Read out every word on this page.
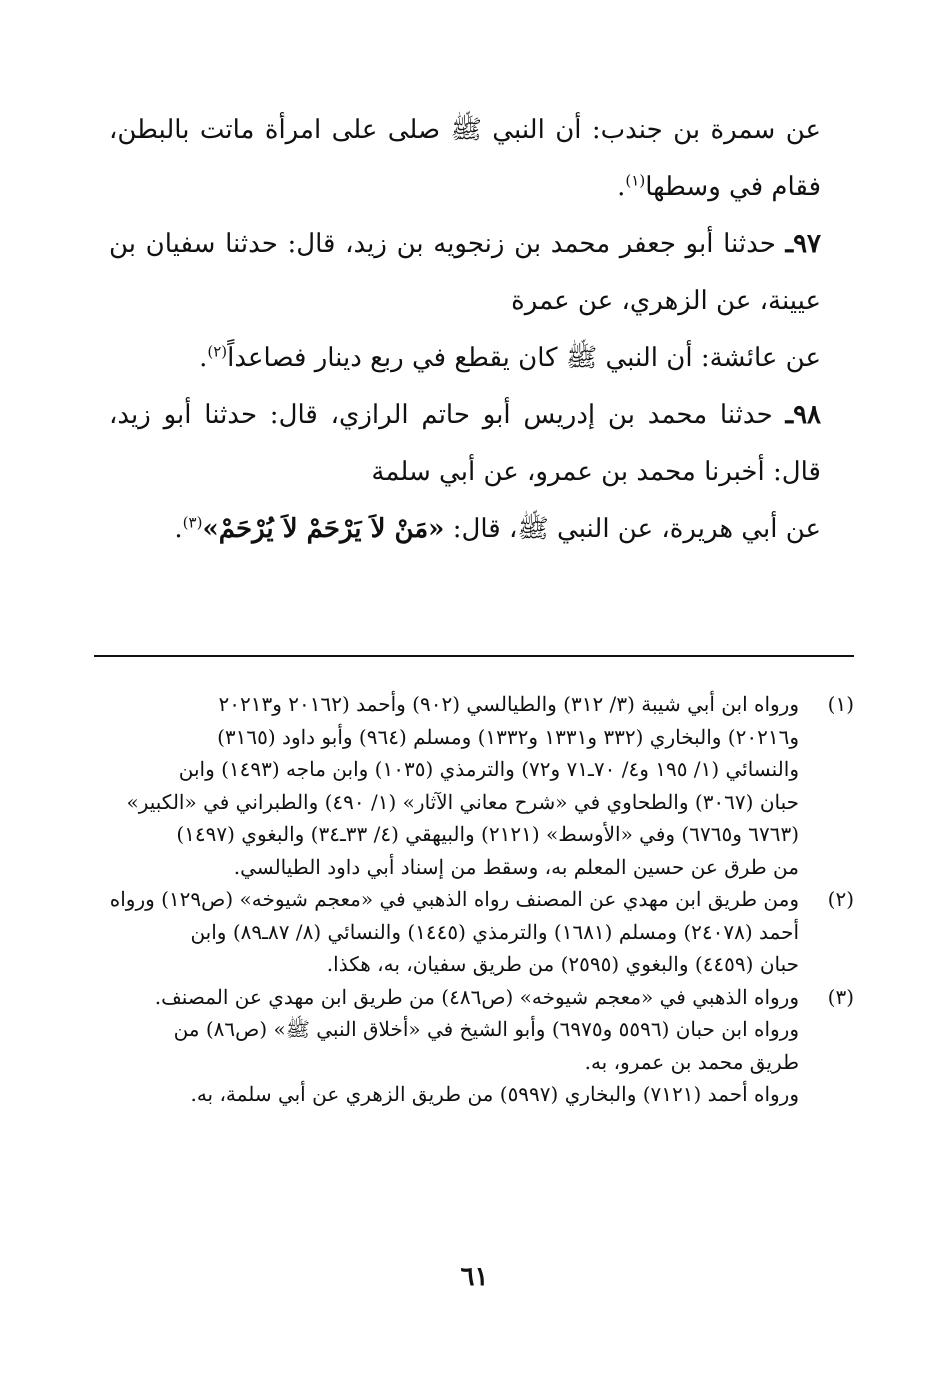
عن سمرة بن جندب: أن النبي ﷺ صلى على امرأة ماتت بالبطن، فقام في وسطها$^{(١)}$.

٩٧ـ حدثنا أبو جعفر محمد بن زنجويه بن زيد، قال: حدثنا سفيان بن عيينة، عن الزهري، عن عمرة

عن عائشة: أن النبي ﷺ كان يقطع في ربع دينار فصاعداً$^{(٢)}$.

٩٨ـ حدثنا محمد بن إدريس أبو حاتم الرازي، قال: حدثنا أبو زيد، قال: أخبرنا محمد بن عمرو، عن أبي سلمة

عن أبي هريرة، عن النبي ﷺ، قال: «مَنْ لاَ يَرْحَمْ لاَ يُرْحَمْ»$^{(٣)}$.

(١)
ورواه ابن أبي شيبة (٣/ ٣١٢) والطيالسي (٩٠٢) وأحمد (٢٠١٦٢ و٢٠٢١٣
و٢٠٢١٦) والبخاري (٣٣٢ و١٣٣١ و١٣٣٢) ومسلم (٩٦٤) وأبو داود (٣١٦٥)
والنسائي (١/ ١٩٥ و٤/ ٧٠ـ٧١ و٧٢) والترمذي (١٠٣٥) وابن ماجه (١٤٩٣) وابن
حبان (٣٠٦٧) والطحاوي في «شرح معاني الآثار» (١/ ٤٩٠) والطبراني في «الكبير»
(٦٧٦٣ و٦٧٦٥) وفي «الأوسط» (٢١٢١) والبيهقي (٤/ ٣٣ـ٣٤) والبغوي (١٤٩٧)
من طرق عن حسين المعلم به، وسقط من إسناد أبي داود الطيالسي.
(٢)
ومن طريق ابن مهدي عن المصنف رواه الذهبي في «معجم شيوخه» (ص١٢٩) ورواه
أحمد (٢٤٠٧٨) ومسلم (١٦٨١) والترمذي (١٤٤٥) والنسائي (٨/ ٨٧ـ٨٩) وابن
حبان (٤٤٥٩) والبغوي (٢٥٩٥) من طريق سفيان، به، هكذا.
(٣)
ورواه الذهبي في «معجم شيوخه» (ص٤٨٦) من طريق ابن مهدي عن المصنف.
ورواه ابن حبان (٥٥٩٦ و٦٩٧٥) وأبو الشيخ في «أخلاق النبي ﷺ» (ص٨٦) من
طريق محمد بن عمرو، به.
ورواه أحمد (٧١٢١) والبخاري (٥٩٩٧) من طريق الزهري عن أبي سلمة، به.
٦١
